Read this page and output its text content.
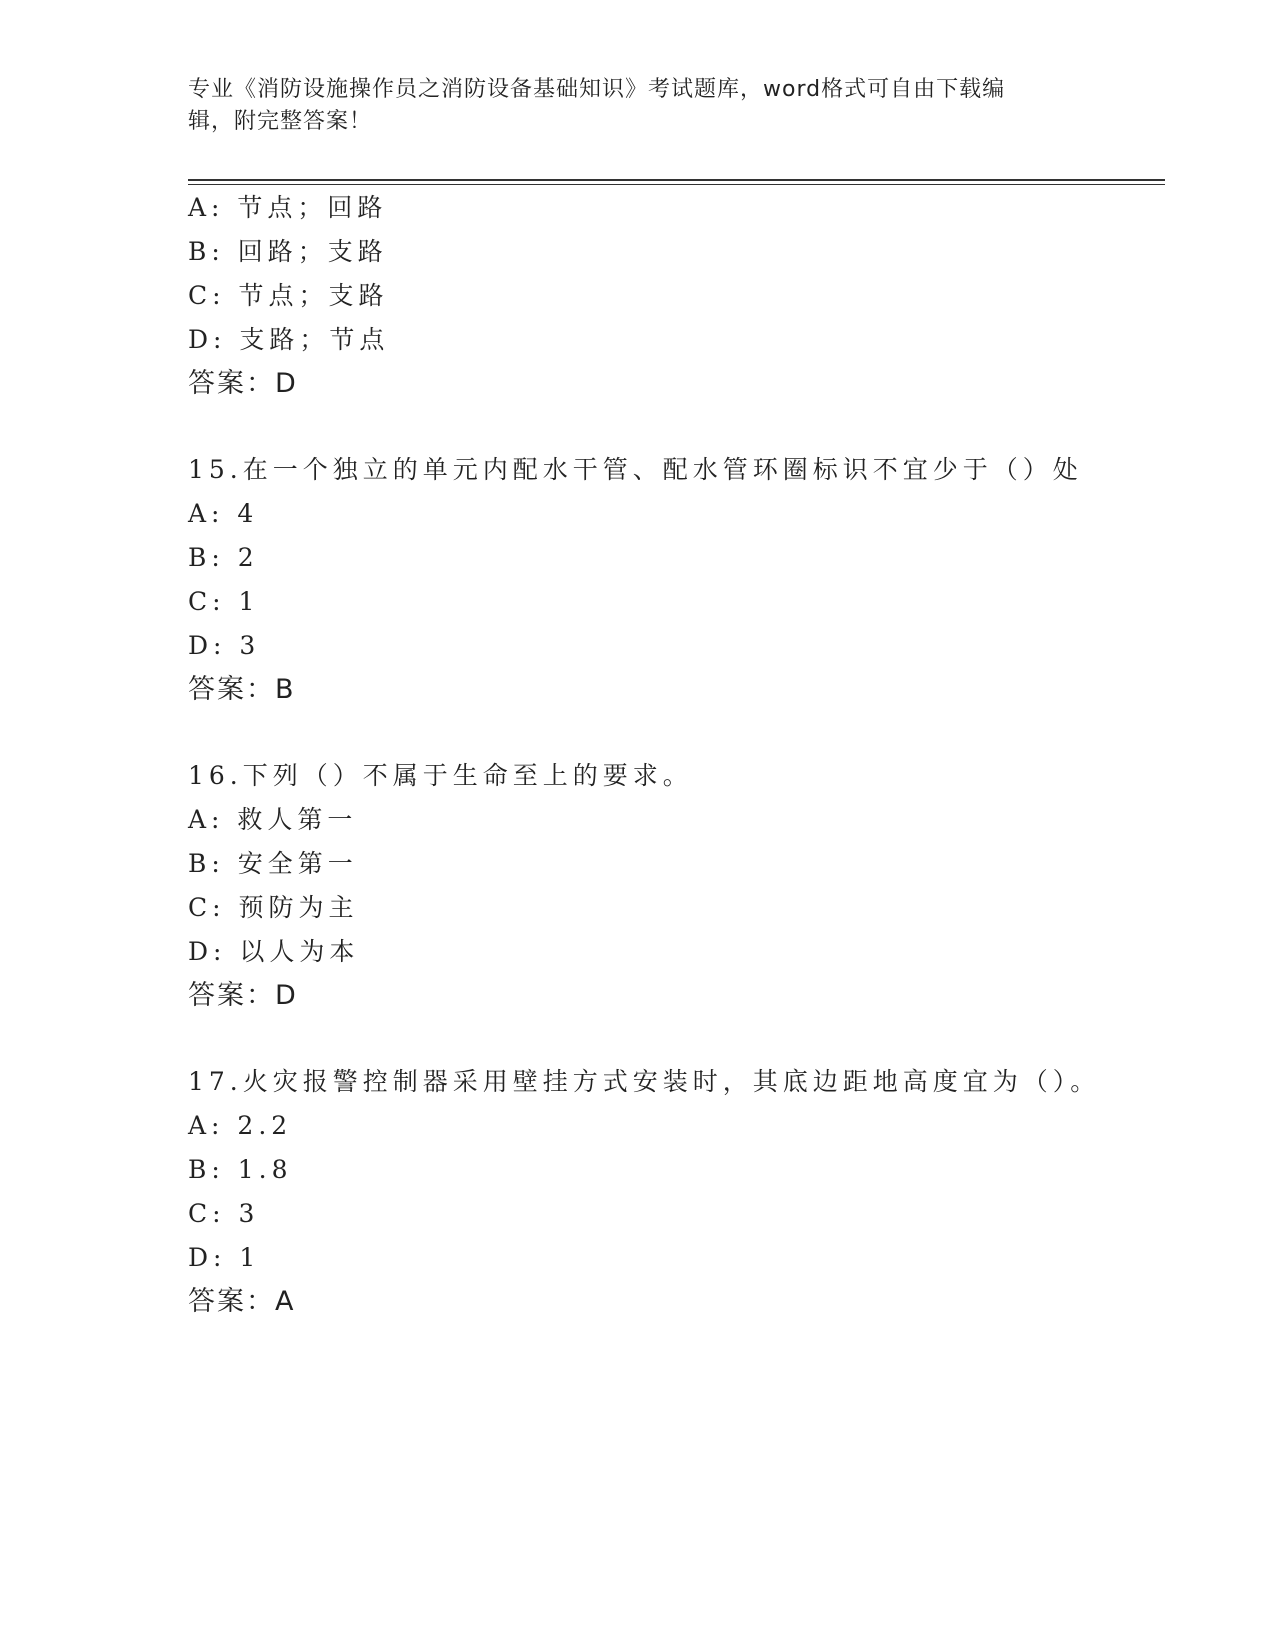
专业《消防设施操作员之消防设备基础知识》考试题库，word格式可自由下载编
辑，附完整答案！
A: 节点；回路
B: 回路；支路
C: 节点；支路
D: 支路；节点
答案：D
15.在一个独立的单元内配水干管、配水管环圈标识不宜少于（）处
A: 4
B: 2
C: 1
D: 3
答案：B
16.下列（）不属于生命至上的要求。
A: 救人第一
B: 安全第一
C: 预防为主
D: 以人为本
答案：D
17.火灾报警控制器采用壁挂方式安装时，其底边距地高度宜为（）。
A: 2.2
B: 1.8
C: 3
D: 1
答案：A
